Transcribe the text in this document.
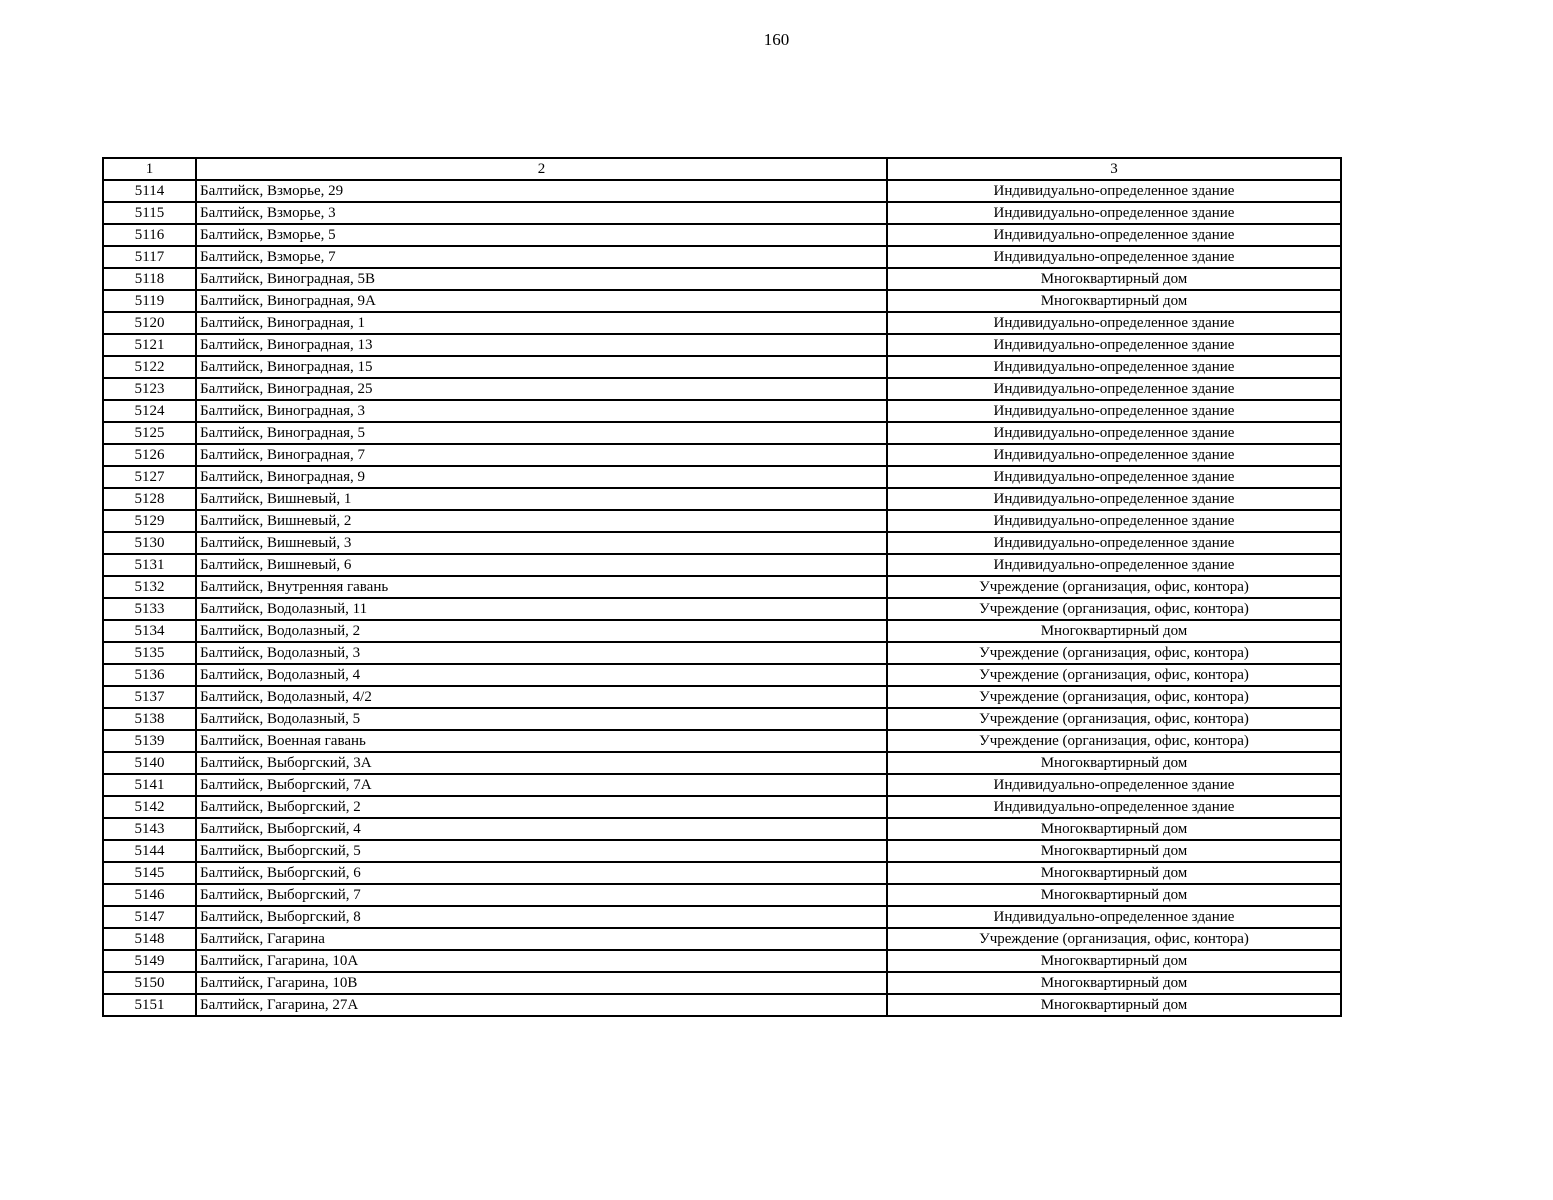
160
1	2	3
5114	Балтийск, Взморье, 29	Индивидуально-определенное здание
5115	Балтийск, Взморье, 3	Индивидуально-определенное здание
5116	Балтийск, Взморье, 5	Индивидуально-определенное здание
5117	Балтийск, Взморье, 7	Индивидуально-определенное здание
5118	Балтийск, Виноградная, 5В	Многоквартирный дом
5119	Балтийск, Виноградная, 9А	Многоквартирный дом
5120	Балтийск, Виноградная, 1	Индивидуально-определенное здание
5121	Балтийск, Виноградная, 13	Индивидуально-определенное здание
5122	Балтийск, Виноградная, 15	Индивидуально-определенное здание
5123	Балтийск, Виноградная, 25	Индивидуально-определенное здание
5124	Балтийск, Виноградная, 3	Индивидуально-определенное здание
5125	Балтийск, Виноградная, 5	Индивидуально-определенное здание
5126	Балтийск, Виноградная, 7	Индивидуально-определенное здание
5127	Балтийск, Виноградная, 9	Индивидуально-определенное здание
5128	Балтийск, Вишневый, 1	Индивидуально-определенное здание
5129	Балтийск, Вишневый, 2	Индивидуально-определенное здание
5130	Балтийск, Вишневый, 3	Индивидуально-определенное здание
5131	Балтийск, Вишневый, 6	Индивидуально-определенное здание
5132	Балтийск, Внутренняя гавань	Учреждение (организация, офис, контора)
5133	Балтийск, Водолазный, 11	Учреждение (организация, офис, контора)
5134	Балтийск, Водолазный, 2	Многоквартирный дом
5135	Балтийск, Водолазный, 3	Учреждение (организация, офис, контора)
5136	Балтийск, Водолазный, 4	Учреждение (организация, офис, контора)
5137	Балтийск, Водолазный, 4/2	Учреждение (организация, офис, контора)
5138	Балтийск, Водолазный, 5	Учреждение (организация, офис, контора)
5139	Балтийск, Военная гавань	Учреждение (организация, офис, контора)
5140	Балтийск, Выборгский, 3А	Многоквартирный дом
5141	Балтийск, Выборгский, 7А	Индивидуально-определенное здание
5142	Балтийск, Выборгский, 2	Индивидуально-определенное здание
5143	Балтийск, Выборгский, 4	Многоквартирный дом
5144	Балтийск, Выборгский, 5	Многоквартирный дом
5145	Балтийск, Выборгский, 6	Многоквартирный дом
5146	Балтийск, Выборгский, 7	Многоквартирный дом
5147	Балтийск, Выборгский, 8	Индивидуально-определенное здание
5148	Балтийск, Гагарина	Учреждение (организация, офис, контора)
5149	Балтийск, Гагарина, 10А	Многоквартирный дом
5150	Балтийск, Гагарина, 10В	Многоквартирный дом
5151	Балтийск, Гагарина, 27А	Многоквартирный дом
